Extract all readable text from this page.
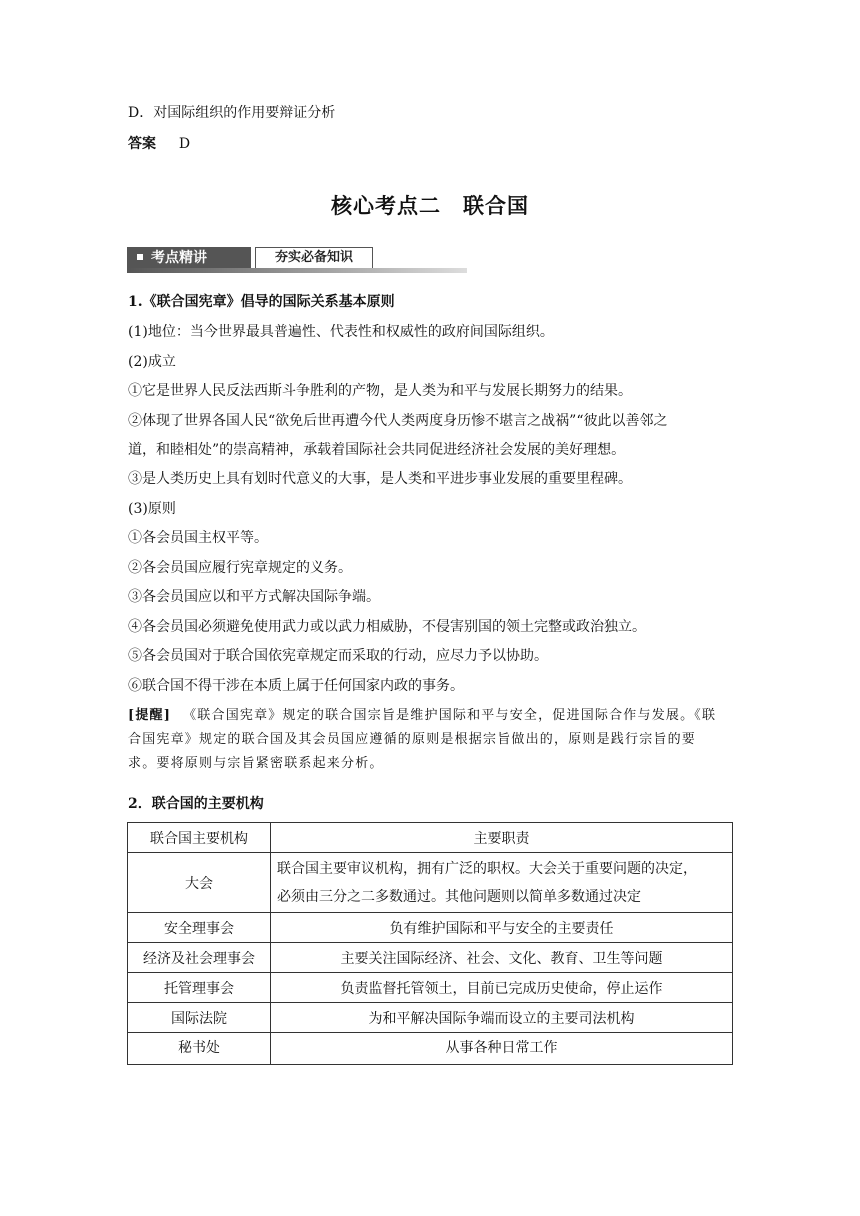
D．对国际组织的作用要辩证分析
答案 D
核心考点二　联合国
考点精讲	夯实必备知识
1.《联合国宪章》倡导的国际关系基本原则
(1)地位：当今世界最具普遍性、代表性和权威性的政府间国际组织。
(2)成立
①它是世界人民反法西斯斗争胜利的产物，是人类为和平与发展长期努力的结果。
②体现了世界各国人民“欲免后世再遭今代人类两度身历惨不堪言之战祸”“彼此以善邻之
道，和睦相处”的崇高精神，承载着国际社会共同促进经济社会发展的美好理想。
③是人类历史上具有划时代意义的大事，是人类和平进步事业发展的重要里程碑。
(3)原则
①各会员国主权平等。
②各会员国应履行宪章规定的义务。
③各会员国应以和平方式解决国际争端。
④各会员国必须避免使用武力或以武力相威胁，不侵害别国的领土完整或政治独立。
⑤各会员国对于联合国依宪章规定而采取的行动，应尽力予以协助。
⑥联合国不得干涉在本质上属于任何国家内政的事务。
[提醒] 《联合国宪章》规定的联合国宗旨是维护国际和平与安全，促进国际合作与发展。《联
合国宪章》规定的联合国及其会员国应遵循的原则是根据宗旨做出的，原则是践行宗旨的要
求。要将原则与宗旨紧密联系起来分析。
2．联合国的主要机构
联合国主要机构	主要职责
大会	联合国主要审议机构，拥有广泛的职权。大会关于重要问题的决定，
必须由三分之二多数通过。其他问题则以简单多数通过决定

安全理事会	负有维护国际和平与安全的主要责任
经济及社会理事会	主要关注国际经济、社会、文化、教育、卫生等问题
托管理事会	负责监督托管领土，目前已完成历史使命，停止运作
国际法院	为和平解决国际争端而设立的主要司法机构
秘书处	从事各种日常工作
